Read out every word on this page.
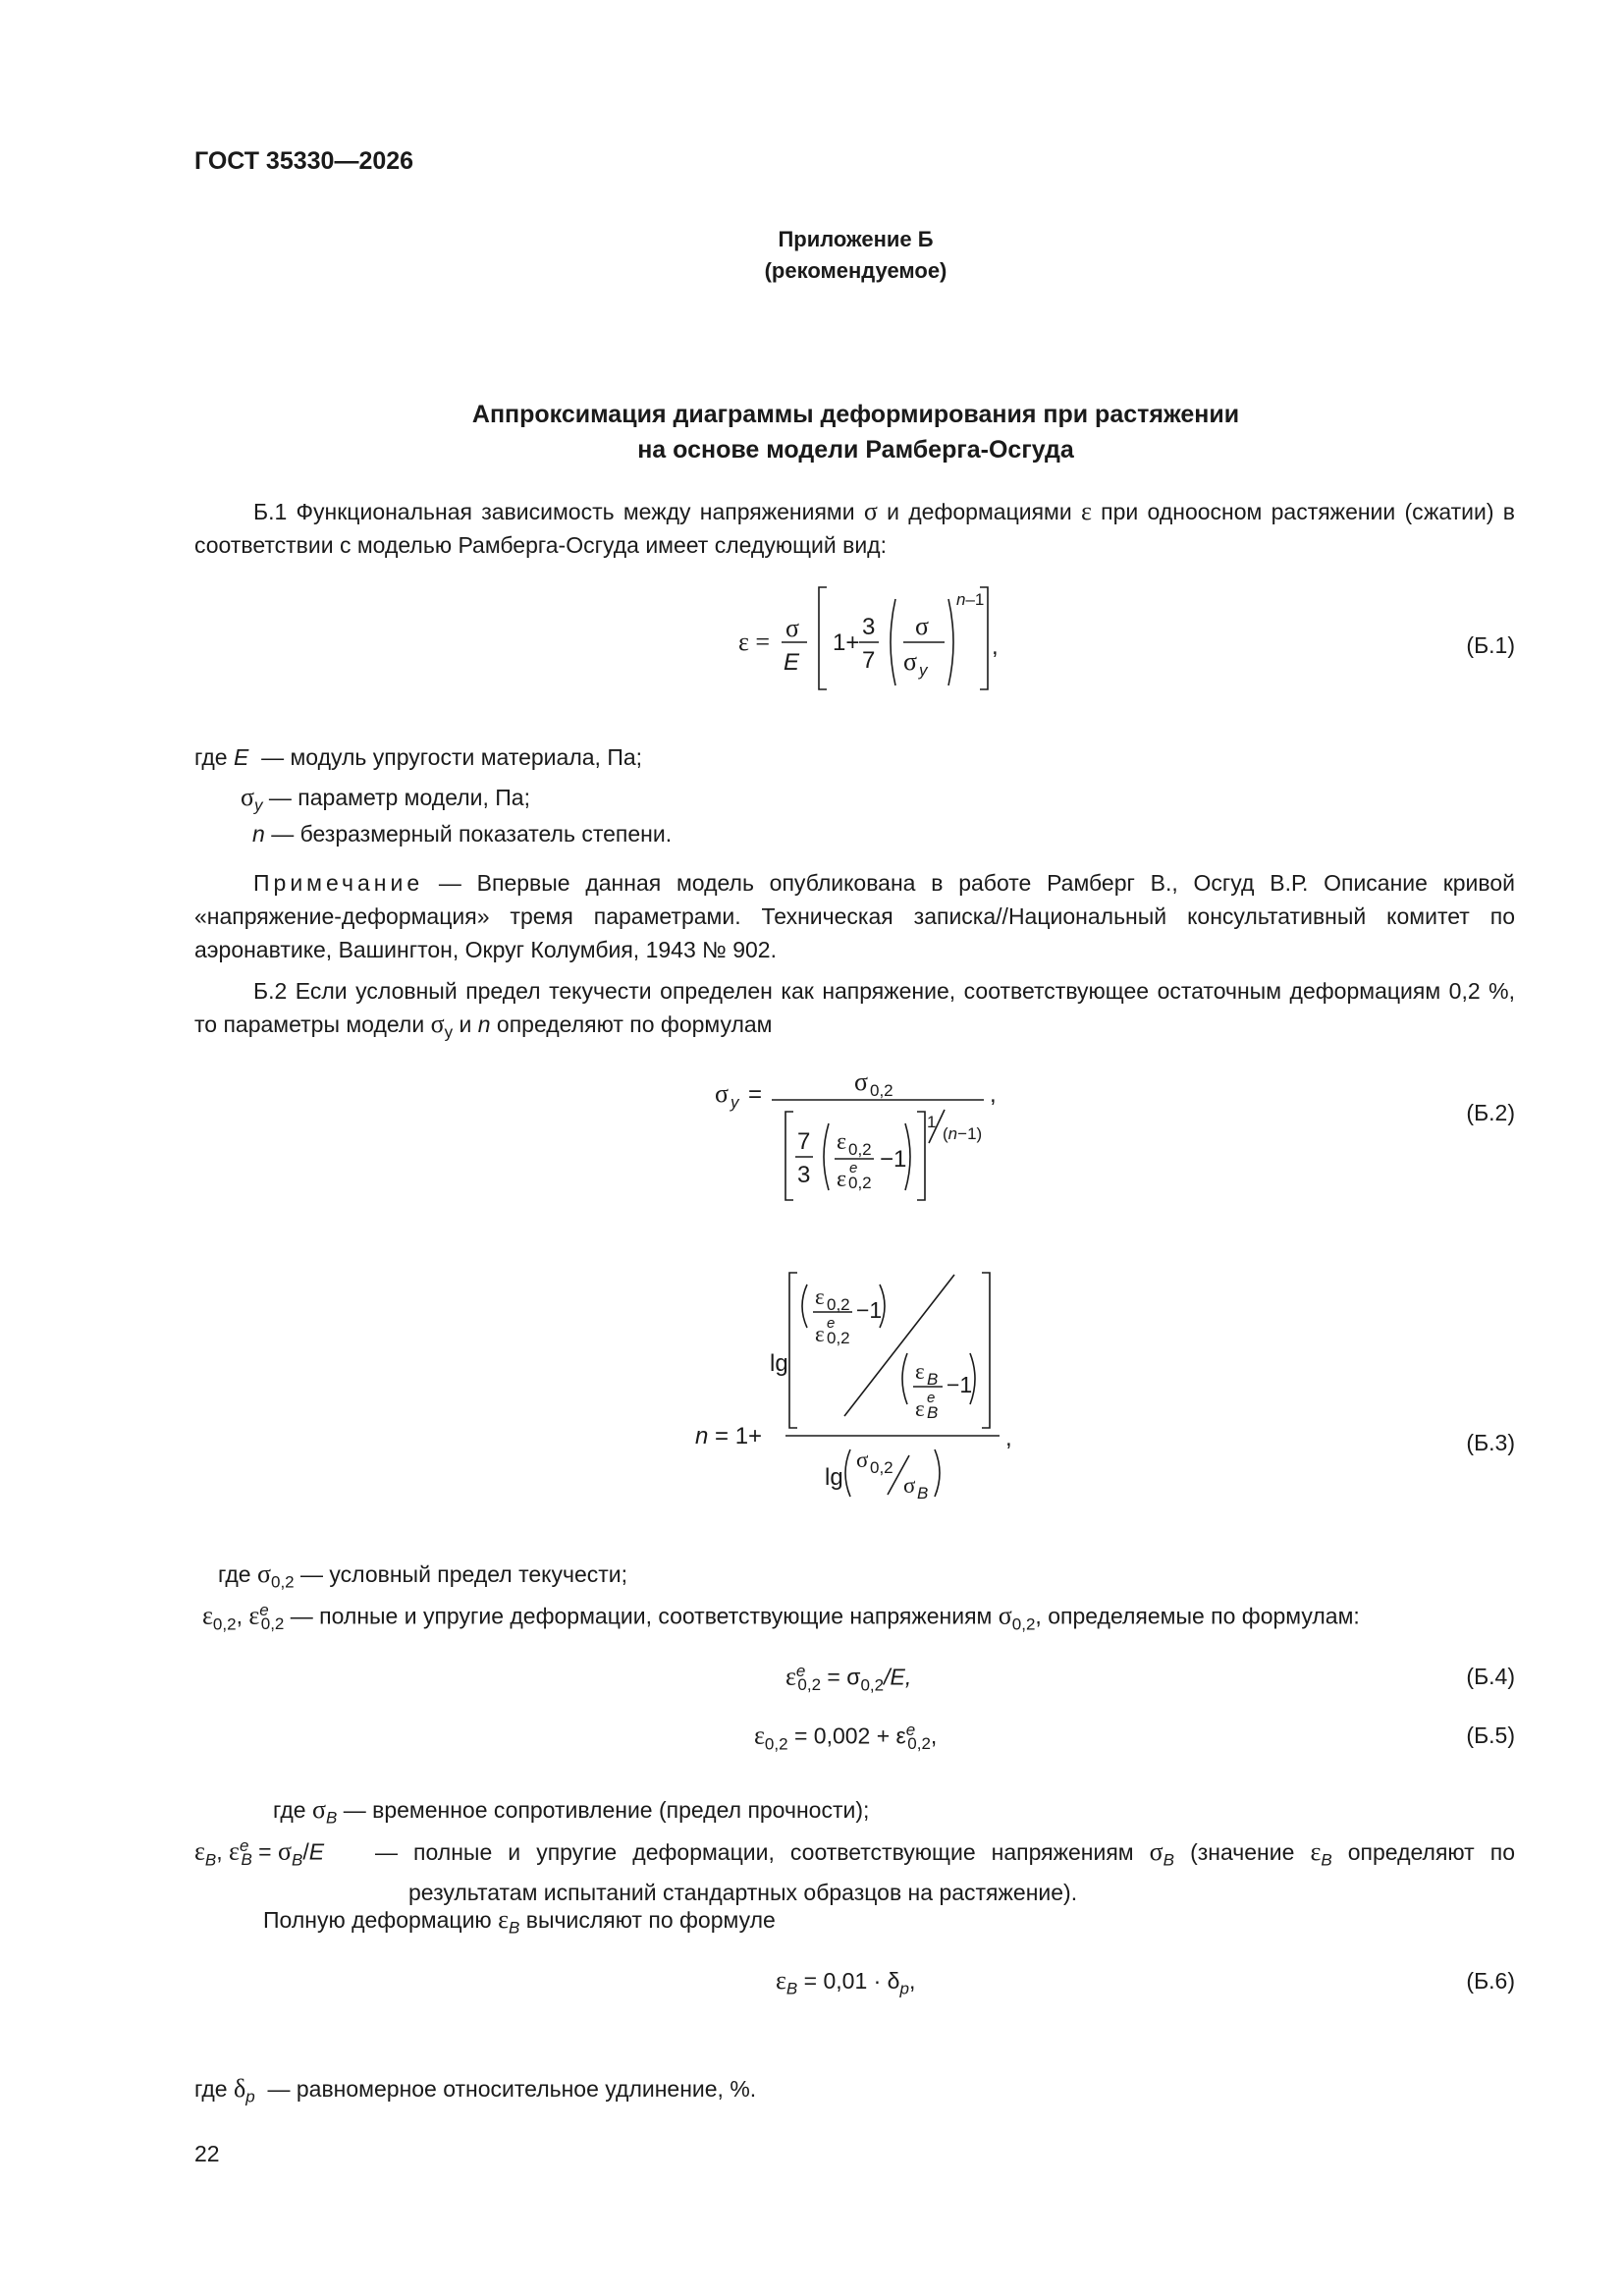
ГОСТ 35330—2026
Приложение Б
(рекомендуемое)
Аппроксимация диаграммы деформирования при растяжении
на основе модели Рамберга-Осгуда
Б.1 Функциональная зависимость между напряжениями σ и деформациями ε при одноосном растяжении (сжатии) в соответствии с моделью Рамберга-Осгуда имеет следующий вид:
ε = σ
E
1+
3
7
σ
σ y
n–1
,	(Б.1)
где E — модуль упругости материала, Па;
$\sigma_y$ — параметр модели, Па;
n — безразмерный показатель степени.
Примечание — Впервые данная модель опубликована в работе Рамберг В., Осгуд В.Р. Описание кривой «напряжение-деформация» тремя параметрами. Техническая записка//Национальный консультативный комитет по аэронавтике, Вашингтон, Округ Колумбия, 1943 № 902.
Б.2 Если условный предел текучести определен как напряжение, соответствующее остаточным деформациям 0,2 %, то параметры модели $\sigma_y$ и n определяют по формулам
σ y =	σ 0,2	,
7
3
ε 0,2
ε e
0,2
−1
1
(n−1)
(Б.2)
n = 1+
lg
ε 0,2
ε e
0,2
−1
ε B
ε e
B
−1
,
lg
σ 0,2
σ B
(Б.3)
где $\sigma_{0,2}$ — условный предел текучести;
$\varepsilon_{0,2}$, $\varepsilon^e_{0,2}$ — полные и упругие деформации, соответствующие напряжениям $\sigma_{0,2}$, определяемые по формулам:
$\varepsilon^e_{0,2} = \sigma_{0,2}/E$,	(Б.4)
$\varepsilon_{0,2} = 0,002 + \varepsilon^e_{0,2}$,	(Б.5)
где $\sigma_B$ — временное сопротивление (предел прочности);
$\varepsilon_B$, $\varepsilon^e_B = \sigma_B/E$ — полные и упругие деформации, соответствующие напряжениям $\sigma_B$ (значение $\varepsilon_B$ определяют по результатам испытаний стандартных образцов на растяжение).
Полную деформацию $\varepsilon_B$ вычисляют по формуле
$\varepsilon_B = 0,01 \cdot \delta_p$,	(Б.6)
где $\delta_p$ — равномерное относительное удлинение, %.
22
